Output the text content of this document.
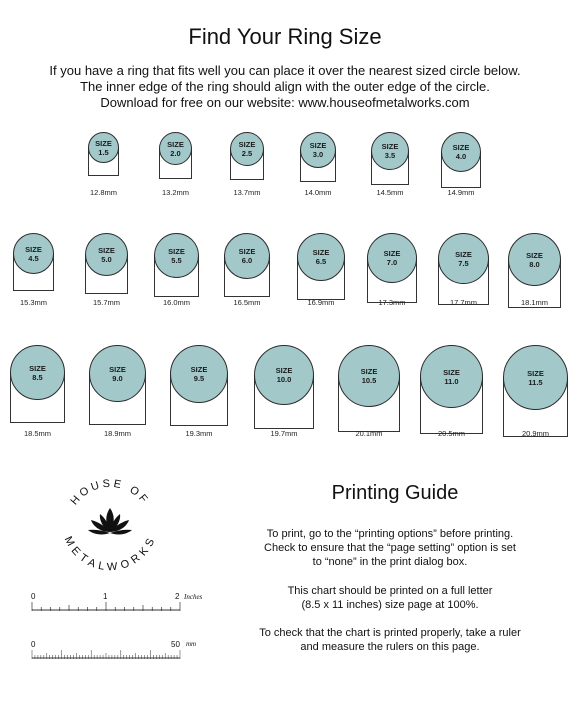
Find Your Ring Size
If you have a ring that fits well you can place it over the nearest sized circle below.
The inner edge of the ring should align with the outer edge of the circle.
Download for free on our website: www.houseofmetalworks.com
SIZE
1.5
12.8mm
SIZE
2.0
13.2mm
SIZE
2.5
13.7mm
SIZE
3.0
14.0mm
SIZE
3.5
14.5mm
SIZE
4.0
14.9mm
SIZE
4.5
15.3mm
SIZE
5.0
15.7mm
SIZE
5.5
16.0mm
SIZE
6.0
16.5mm
SIZE
6.5
16.9mm
SIZE
7.0
17.3mm
SIZE
7.5
17.7mm
SIZE
8.0
18.1mm
SIZE
8.5
18.5mm
SIZE
9.0
18.9mm
SIZE
9.5
19.3mm
SIZE
10.0
19.7mm
SIZE
10.5
20.1mm
SIZE
11.0
20.5mm
SIZE
11.5
20.9mm
HOUSE OF
METALWORKS
Printing Guide
To print, go to the “printing options” before printing.
Check to ensure that the “page setting” option is set
to “none” in the print dialog box.
This chart should be printed on a full letter
(8.5 x 11 inches) size page at 100%.
To check that the chart is printed properly, take a ruler
and measure the rulers on this page.
0	1	2 Inches
0	50 mm
